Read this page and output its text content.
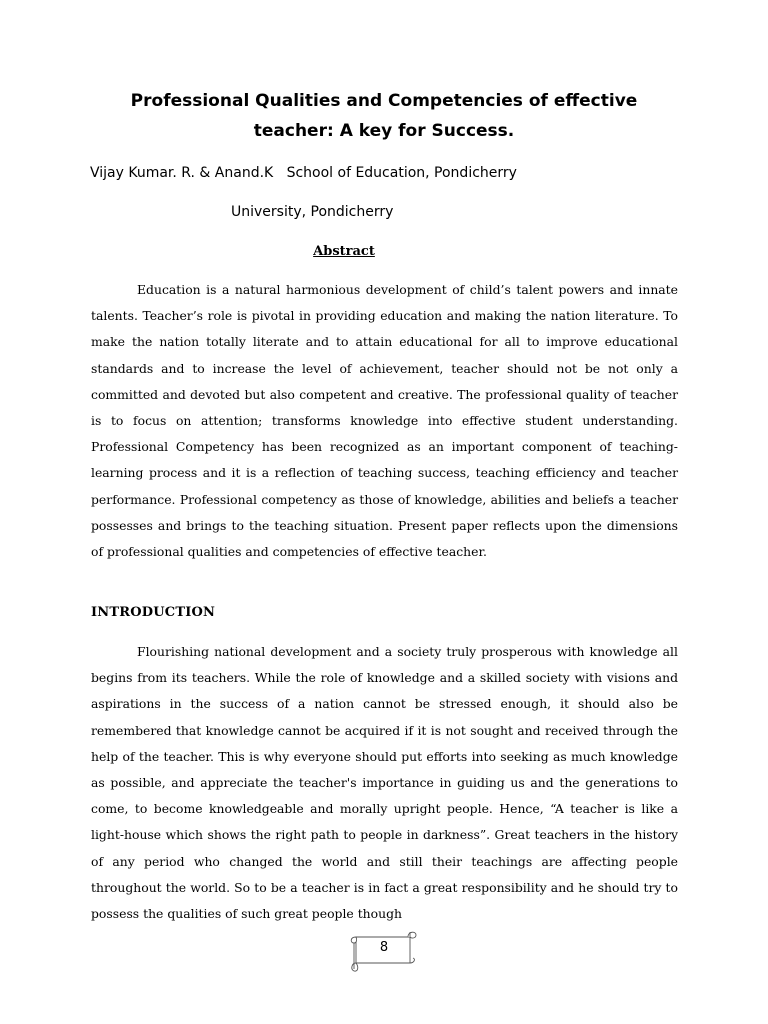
Professional Qualities and Competencies of effective
teacher: A key for Success.
Vijay Kumar. R. & Anand.K   School of Education, Pondicherry
University, Pondicherry
Abstract

Education is a natural harmonious development of child’s talent powers and innate talents. Teacher’s role is pivotal in providing education and making the nation literature. To make the nation totally literate and to attain educational for all to improve educational standards and to increase the level of achievement, teacher should not be not only a committed and devoted but also competent and creative. The professional quality of teacher is to focus on attention; transforms knowledge into effective student understanding. Professional Competency has been recognized as an important component of teaching-learning process and it is a reflection of teaching success, teaching efficiency and teacher performance. Professional competency as those of knowledge, abilities and beliefs a teacher possesses and brings to the teaching situation. Present paper reflects upon the dimensions of professional qualities and competencies of effective teacher.

INTRODUCTION

Flourishing national development and a society truly prosperous with knowledge all begins from its teachers. While the role of knowledge and a skilled society with visions and aspirations in the success of a nation cannot be stressed enough, it should also be remembered that knowledge cannot be acquired if it is not sought and received through the help of the teacher. This is why everyone should put efforts into seeking as much knowledge as possible, and appreciate the teacher's importance in guiding us and the generations to come, to become knowledgeable and morally upright people. Hence, “A teacher is like a light-house which shows the right path to people in darkness”. Great teachers in the history of any period who changed the world and still their teachings are affecting people throughout the world. So to be a teacher is in fact a great responsibility and he should try to possess the qualities of such great people though

8
